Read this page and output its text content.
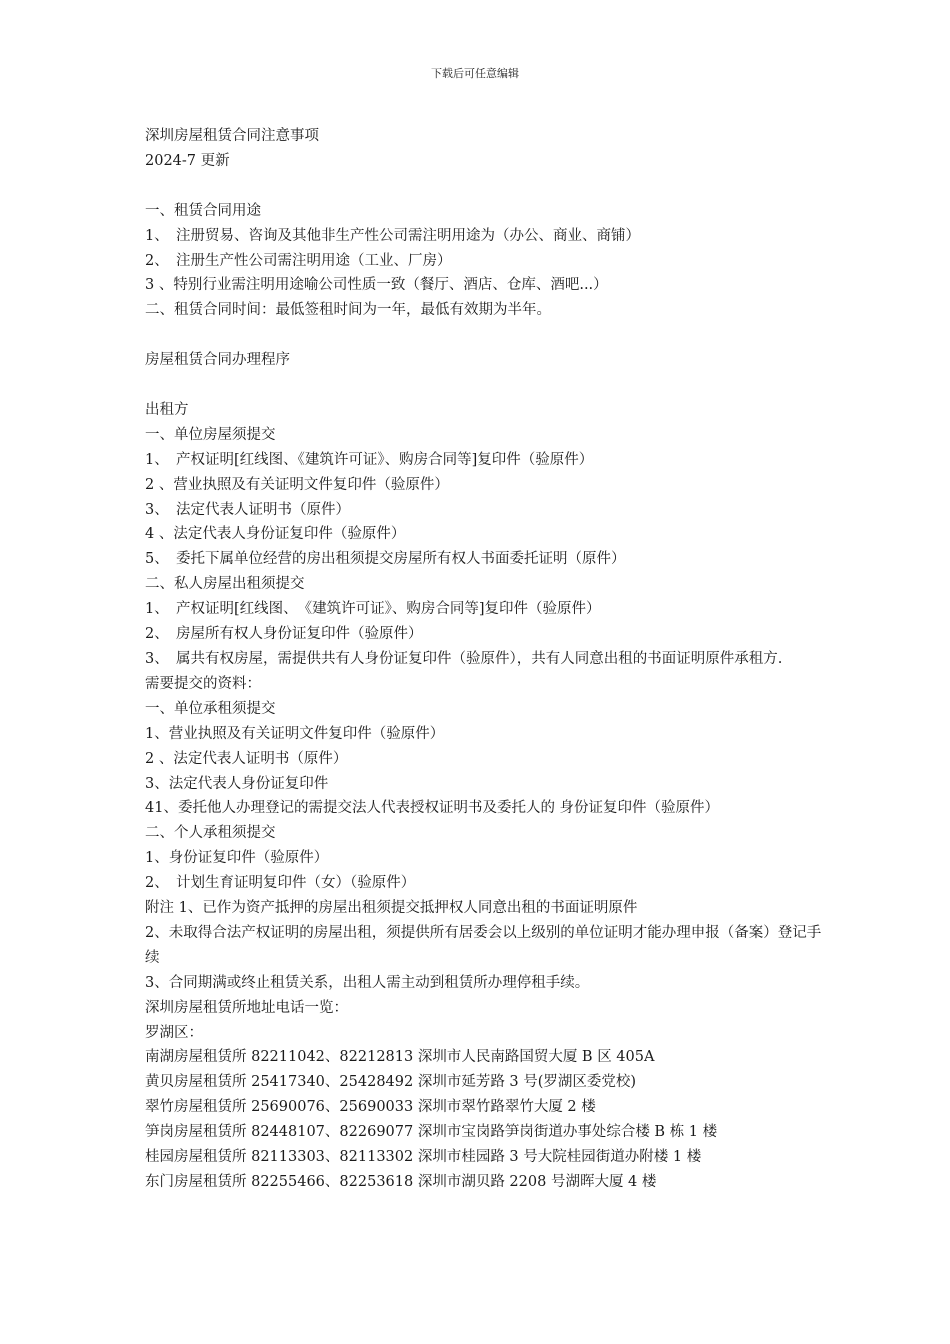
下载后可任意编辑

深圳房屋租赁合同注意事项

2024-7 更新

一、租赁合同用途

1、　注册贸易、咨询及其他非生产性公司需注明用途为（办公、商业、商铺）

2、　注册生产性公司需注明用途（工业、厂房）

3 、特别行业需注明用途喻公司性质一致（餐厅、酒店、仓库、酒吧...）

二、租赁合同时间：最低签租时间为一年，最低有效期为半年。

房屋租赁合同办理程序

出租方

一、单位房屋须提交

1、　产权证明[红线图、《建筑许可证》、购房合同等]复印件（验原件）

2 、营业执照及有关证明文件复印件（验原件）

3、　法定代表人证明书（原件）

4 、法定代表人身份证复印件（验原件）

5、　委托下属单位经营的房出租须提交房屋所有权人书面委托证明（原件）

二、私人房屋出租须提交

1、　产权证明[红线图、　《建筑许可证》、购房合同等]复印件（验原件）

2、　房屋所有权人身份证复印件（验原件）

3、　属共有权房屋，需提供共有人身份证复印件（验原件），共有人同意出租的书面证明原件承租方.

需要提交的资料：

一、单位承租须提交

1、营业执照及有关证明文件复印件（验原件）

2 、法定代表人证明书（原件）

3、法定代表人身份证复印件

41、委托他人办理登记的需提交法人代表授权证明书及委托人的 身份证复印件（验原件）

二、个人承租须提交

1、身份证复印件（验原件）

2、　计划生育证明复印件（女）（验原件）

附注 1、已作为资产抵押的房屋出租须提交抵押权人同意出租的书面证明原件

2、未取得合法产权证明的房屋出租，须提供所有居委会以上级别的单位证明才能办理申报（备案）登记手续

3、合同期满或终止租赁关系，出租人需主动到租赁所办理停租手续。

深圳房屋租赁所地址电话一览：

罗湖区：

南湖房屋租赁所 82211042、82212813 深圳市人民南路国贸大厦 B 区 405A

黄贝房屋租赁所 25417340、25428492 深圳市延芳路 3 号(罗湖区委党校)

翠竹房屋租赁所 25690076、25690033 深圳市翠竹路翠竹大厦 2 楼

笋岗房屋租赁所 82448107、82269077 深圳市宝岗路笋岗街道办事处综合楼 B 栋 1 楼

桂园房屋租赁所 82113303、82113302 深圳市桂园路 3 号大院桂园街道办附楼 1 楼

东门房屋租赁所 82255466、82253618 深圳市湖贝路 2208 号湖晖大厦 4 楼
